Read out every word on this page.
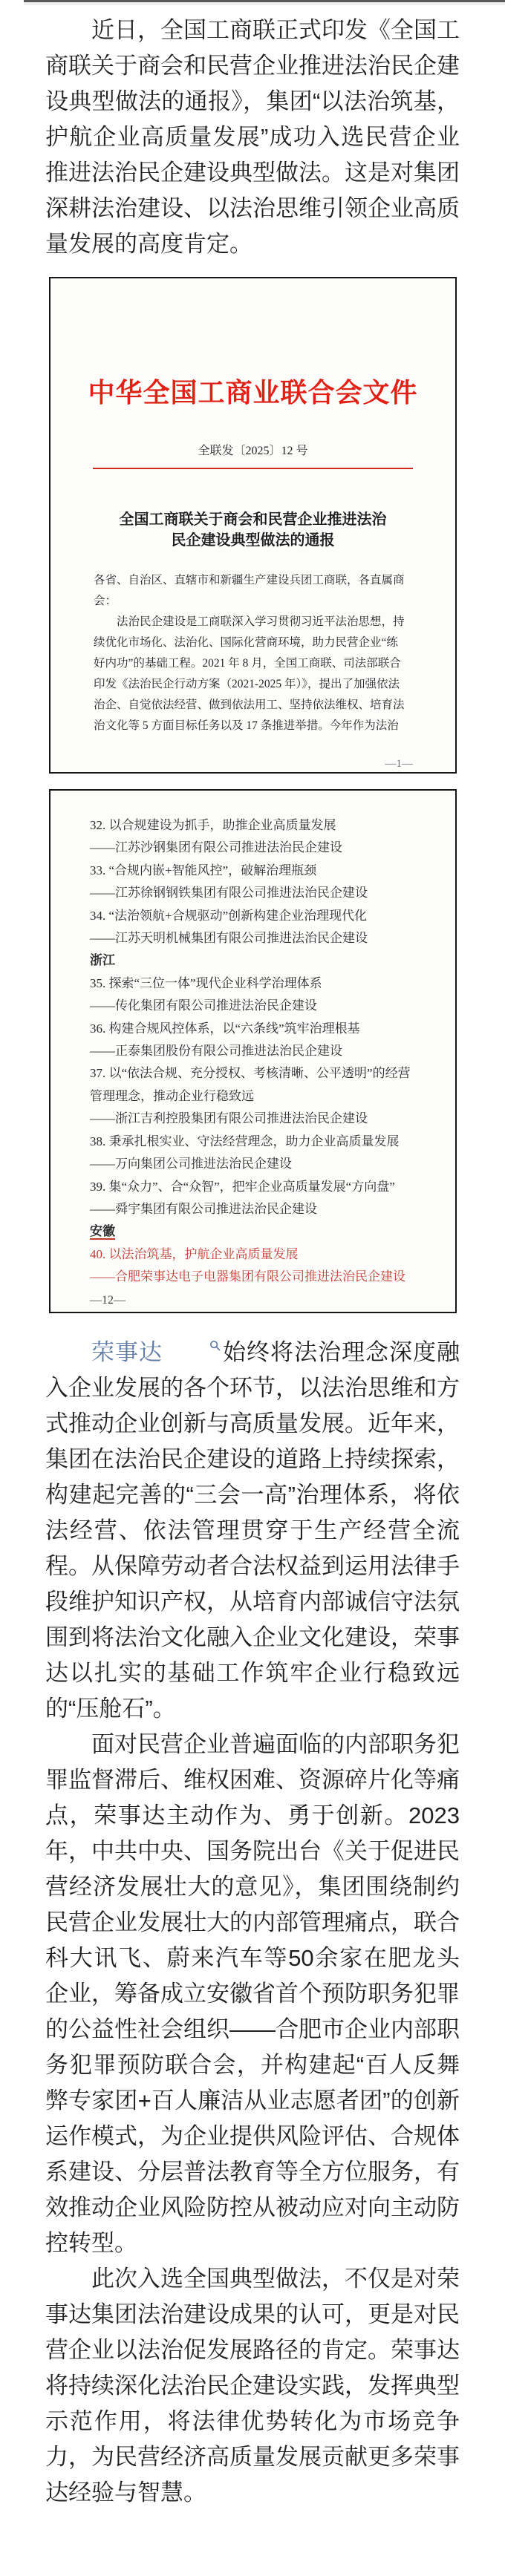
近日，全国工商联正式印发《全国工商联关于商会和民营企业推进法治民企建设典型做法的通报》，集团“以法治筑基，护航企业高质量发展”成功入选民营企业推进法治民企建设典型做法。这是对集团深耕法治建设、以法治思维引领企业高质量发展的高度肯定。

中华全国工商业联合会文件
全联发〔2025〕12 号
全国工商联关于商会和民营企业推进法治
民企建设典型做法的通报
各省、自治区、直辖市和新疆生产建设兵团工商联，各直属商
会：
　　法治民企建设是工商联深入学习贯彻习近平法治思想，持
续优化市场化、法治化、国际化营商环境，助力民营企业“练
好内功”的基础工程。2021 年 8 月，全国工商联、司法部联合
印发《法治民企行动方案（2021-2025 年）》，提出了加强依法
治企、自觉依法经营、做到依法用工、坚持依法维权、培育法
治文化等 5 方面目标任务以及 17 条推进举措。今年作为法治
—1—
32. 以合规建设为抓手，助推企业高质量发展
——江苏沙钢集团有限公司推进法治民企建设
33. “合规内嵌+智能风控”，破解治理瓶颈
——江苏徐钢钢铁集团有限公司推进法治民企建设
34. “法治领航+合规驱动”创新构建企业治理现代化
——江苏天明机械集团有限公司推进法治民企建设
浙江
35. 探索“三位一体”现代企业科学治理体系
——传化集团有限公司推进法治民企建设
36. 构建合规风控体系，以“六条线”筑牢治理根基
——正泰集团股份有限公司推进法治民企建设
37. 以“依法合规、充分授权、考核清晰、公平透明”的经营
管理理念，推动企业行稳致远
——浙江吉利控股集团有限公司推进法治民企建设
38. 秉承扎根实业、守法经营理念，助力企业高质量发展
——万向集团公司推进法治民企建设
39. 集“众力”、合“众智”，把牢企业高质量发展“方向盘”
——舜宇集团有限公司推进法治民企建设
安徽
40. 以法治筑基，护航企业高质量发展
——合肥荣事达电子电器集团有限公司推进法治民企建设
—12—

荣事达	始终将法治理念深度融入企业发展的各个环节，以法治思维和方式推动企业创新与高质量发展。近年来，集团在法治民企建设的道路上持续探索，构建起完善的“三会一高”治理体系，将依法经营、依法管理贯穿于生产经营全流程。从保障劳动者合法权益到运用法律手段维护知识产权，从培育内部诚信守法氛围到将法治文化融入企业文化建设，荣事达以扎实的基础工作筑牢企业行稳致远的“压舱石”。

面对民营企业普遍面临的内部职务犯罪监督滞后、维权困难、资源碎片化等痛点，荣事达主动作为、勇于创新。2023年，中共中央、国务院出台《关于促进民营经济发展壮大的意见》，集团围绕制约民营企业发展壮大的内部管理痛点，联合科大讯飞、蔚来汽车等50余家在肥龙头企业，筹备成立安徽省首个预防职务犯罪的公益性社会组织——合肥市企业内部职务犯罪预防联合会，并构建起“百人反舞弊专家团+百人廉洁从业志愿者团”的创新运作模式，为企业提供风险评估、合规体系建设、分层普法教育等全方位服务，有效推动企业风险防控从被动应对向主动防控转型。

此次入选全国典型做法，不仅是对荣事达集团法治建设成果的认可，更是对民营企业以法治促发展路径的肯定。荣事达将持续深化法治民企建设实践，发挥典型示范作用，将法律优势转化为市场竞争力，为民营经济高质量发展贡献更多荣事达经验与智慧。
